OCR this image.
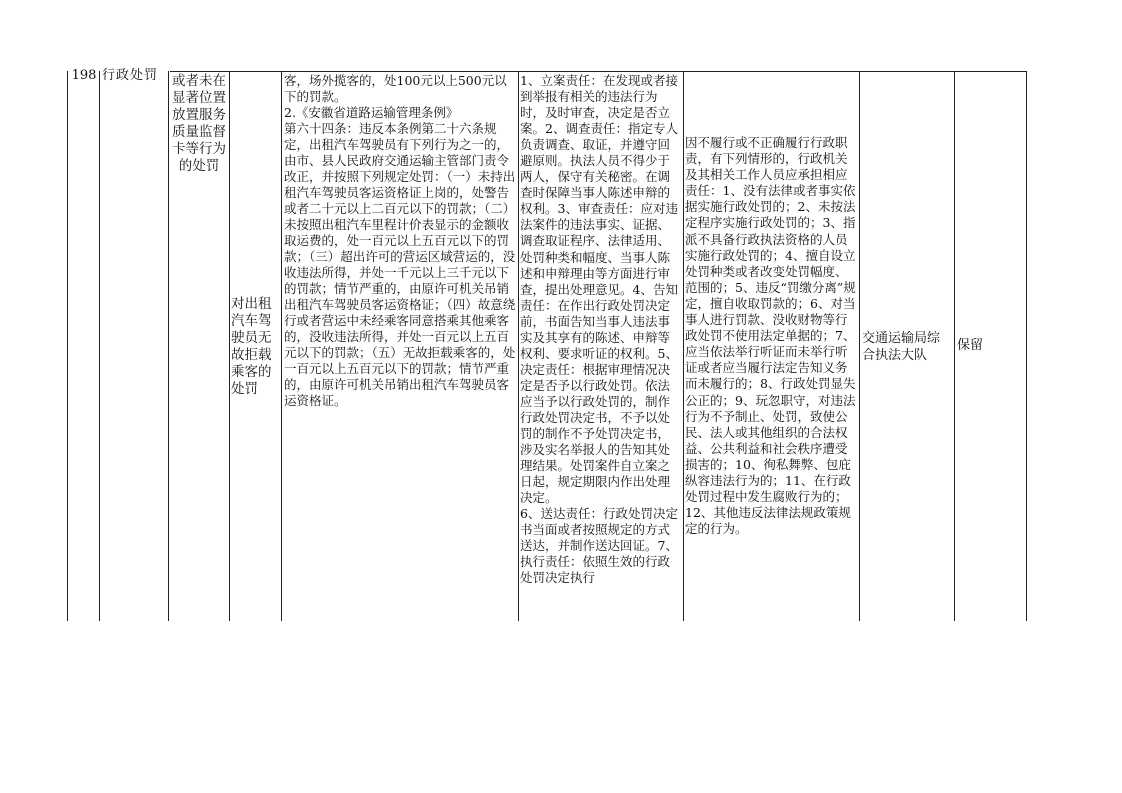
198 行政处罚	或者未在显著位置放置服务质量监督卡等行为的处罚
对出租汽车驾驶员无故拒载乘客的处罚
客，场外揽客的，处100元以上500元以下的罚款。
2.《安徽省道路运输管理条例》
第六十四条：违反本条例第二十六条规定，出租汽车驾驶员有下列行为之一的，由市、县人民政府交通运输主管部门责令改正，并按照下列规定处罚：（一）未持出租汽车驾驶员客运资格证上岗的，处警告或者二十元以上二百元以下的罚款；（二）未按照出租汽车里程计价表显示的金额收取运费的，处一百元以上五百元以下的罚款；（三）超出许可的营运区域营运的，没收违法所得，并处一千元以上三千元以下的罚款；情节严重的，由原许可机关吊销出租汽车驾驶员客运资格证；（四）故意绕行或者营运中未经乘客同意搭乘其他乘客的，没收违法所得，并处一百元以上五百元以下的罚款；（五）无故拒载乘客的，处一百元以上五百元以下的罚款；情节严重的，由原许可机关吊销出租汽车驾驶员客运资格证。
1、立案责任：在发现或者接到举报有相关的违法行为时，及时审查，决定是否立案。2、调查责任：指定专人负责调查、取证，并遵守回避原则。执法人员不得少于两人，保守有关秘密。在调查时保障当事人陈述申辩的权利。3、审查责任：应对违法案件的违法事实、证据、调查取证程序、法律适用、处罚种类和幅度、当事人陈述和申辩理由等方面进行审查，提出处理意见。4、告知责任：在作出行政处罚决定前，书面告知当事人违法事实及其享有的陈述、申辩等权利、要求听证的权利。5、决定责任：根据审理情况决定是否予以行政处罚。依法应当予以行政处罚的，制作行政处罚决定书，不予以处罚的制作不予处罚决定书，涉及实名举报人的告知其处理结果。处罚案件自立案之日起，规定期限内作出处理决定。
6、送达责任：行政处罚决定书当面或者按照规定的方式送达，并制作送达回证。7、执行责任：依照生效的行政处罚决定执行
因不履行或不正确履行行政职责，有下列情形的，行政机关及其相关工作人员应承担相应责任：1、没有法律或者事实依据实施行政处罚的；2、未按法定程序实施行政处罚的；3、指派不具备行政执法资格的人员实施行政处罚的；4、擅自设立处罚种类或者改变处罚幅度、范围的；5、违反“罚缴分离”规定，擅自收取罚款的；6、对当事人进行罚款、没收财物等行政处罚不使用法定单据的；7、应当依法举行听证而未举行听证或者应当履行法定告知义务而未履行的；8、行政处罚显失公正的；9、玩忽职守，对违法行为不予制止、处罚，致使公民、法人或其他组织的合法权益、公共利益和社会秩序遭受损害的；10、徇私舞弊、包庇纵容违法行为的；11、在行政处罚过程中发生腐败行为的；12、其他违反法律法规政策规定的行为。
交通运输局综合执法大队
保留
